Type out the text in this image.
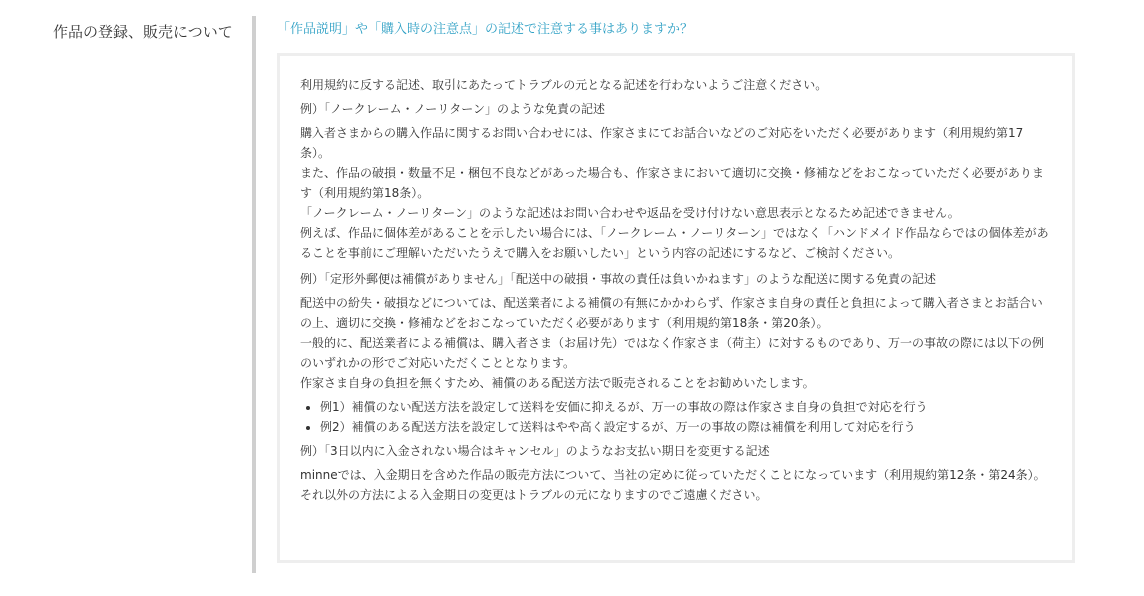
作品の登録、販売について	「作品説明」や「購入時の注意点」の記述で注意する事はありますか？

利用規約に反する記述、取引にあたってトラブルの元となる記述を行わないようご注意ください。

例）「ノークレーム・ノーリターン」のような免責の記述

購入者さまからの購入作品に関するお問い合わせには、作家さまにてお話合いなどのご対応をいただく必要があります（利用規約第17条）。

また、作品の破損・数量不足・梱包不良などがあった場合も、作家さまにおいて適切に交換・修補などをおこなっていただく必要があります（利用規約第18条）。

「ノークレーム・ノーリターン」のような記述はお問い合わせや返品を受け付けない意思表示となるため記述できません。

例えば、作品に個体差があることを示したい場合には、「ノークレーム・ノーリターン」ではなく「ハンドメイド作品ならではの個体差があることを事前にご理解いただいたうえで購入をお願いしたい」という内容の記述にするなど、ご検討ください。

例）「定形外郵便は補償がありません」「配送中の破損・事故の責任は負いかねます」のような配送に関する免責の記述

配送中の紛失・破損などについては、配送業者による補償の有無にかかわらず、作家さま自身の責任と負担によって購入者さまとお話合いの上、適切に交換・修補などをおこなっていただく必要があります（利用規約第18条・第20条）。

一般的に、配送業者による補償は、購入者さま（お届け先）ではなく作家さま（荷主）に対するものであり、万一の事故の際には以下の例のいずれかの形でご対応いただくこととなります。

作家さま自身の負担を無くすため、補償のある配送方法で販売されることをお勧めいたします。

• 例1）補償のない配送方法を設定して送料を安価に抑えるが、万一の事故の際は作家さま自身の負担で対応を行う
• 例2）補償のある配送方法を設定して送料はやや高く設定するが、万一の事故の際は補償を利用して対応を行う

例）「3日以内に入金されない場合はキャンセル」のようなお支払い期日を変更する記述

minneでは、入金期日を含めた作品の販売方法について、当社の定めに従っていただくことになっています（利用規約第12条・第24条）。

それ以外の方法による入金期日の変更はトラブルの元になりますのでご遠慮ください。
